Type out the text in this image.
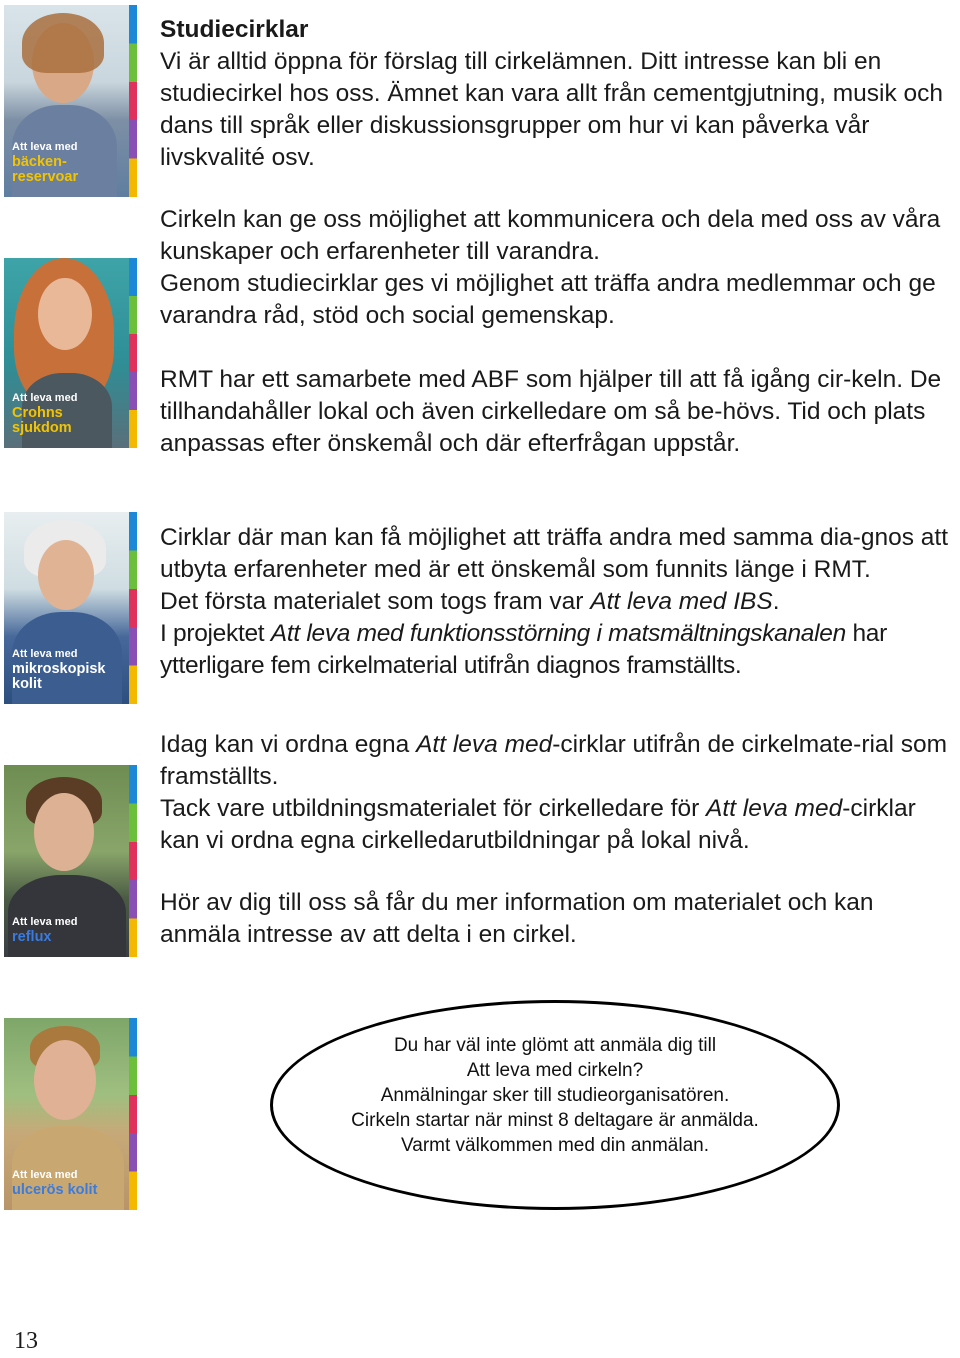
Att leva med
bäcken-
reservoar
Att leva med
Crohns
sjukdom
Att leva med
mikroskopisk
kolit
Att leva med
reflux
Att leva med
ulcerös kolit

Studiecirklar

Vi är alltid öppna för förslag till cirkelämnen. Ditt intresse kan bli en studiecirkel hos oss. Ämnet kan vara allt från cementgjutning, musik och dans till språk eller diskussionsgrupper om hur vi kan påverka vår livskvalité osv.

Cirkeln kan ge oss möjlighet att kommunicera och dela med oss av våra kunskaper och erfarenheter till varandra.

Genom studiecirklar ges vi möjlighet att träffa andra medlemmar och ge varandra råd, stöd och social gemenskap.

RMT har ett samarbete med ABF som hjälper till att få igång cir-keln. De tillhandahåller lokal och även cirkelledare om så be-hövs. Tid och plats anpassas efter önskemål och där efterfrågan uppstår.

Cirklar där man kan få möjlighet att träffa andra med samma dia-gnos att utbyta erfarenheter med är ett önskemål som funnits länge i RMT.

Det första materialet som togs fram var Att leva med IBS.

I projektet Att leva med funktionsstörning i matsmältningskanalen har ytterligare fem cirkelmaterial utifrån diagnos framställts.

Idag kan vi ordna egna Att leva med-cirklar utifrån de cirkelmate-rial som framställts.

Tack vare utbildningsmaterialet för cirkelledare för Att leva med-cirklar kan vi ordna egna cirkelledarutbildningar på lokal nivå.

Hör av dig till oss så får du mer information om materialet och kan anmäla intresse av att delta i en cirkel.

Du har väl inte glömt att anmäla dig till
Att leva med cirkeln?
Anmälningar sker till studieorganisatören.
Cirkeln startar när minst 8 deltagare är anmälda.
Varmt välkommen med din anmälan.
13
